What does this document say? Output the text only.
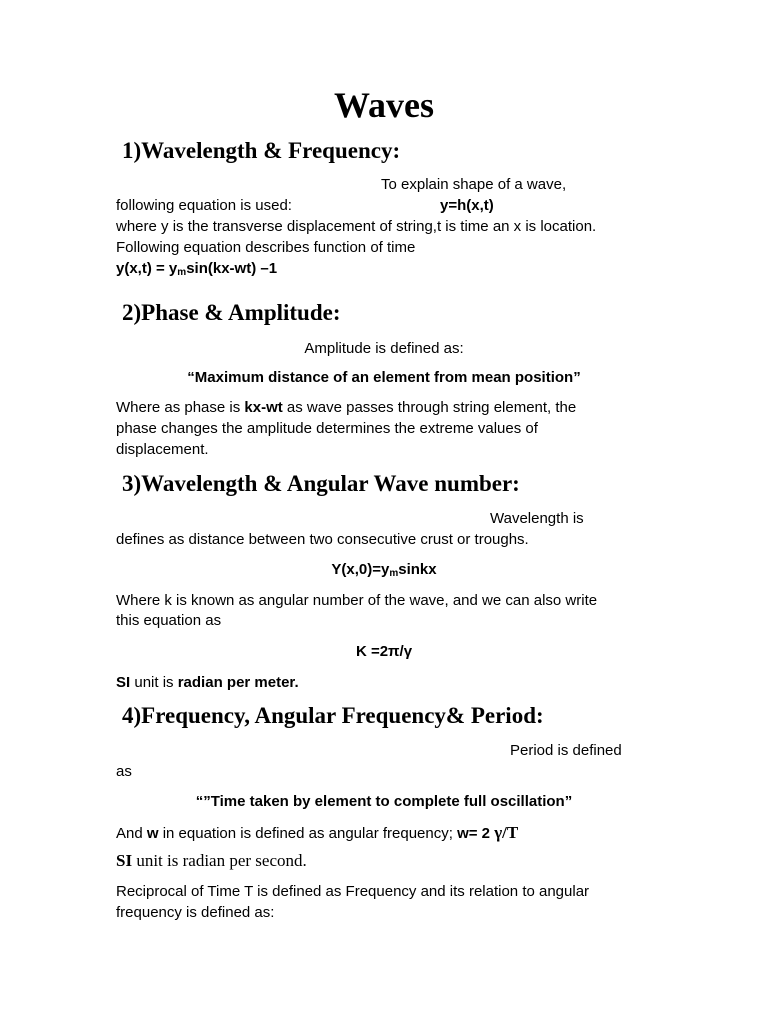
Waves
1)Wavelength & Frequency:
To explain shape of a wave,
following equation is used:	y=h(x,t)
where y is the transverse displacement of string,t is time an x is location.
Following equation describes function of time
$y(x,t) = y_m\sin(kx-wt)$ –1
2)Phase & Amplitude:
Amplitude is defined as:
“Maximum distance of an element from mean position”
Where as phase is kx-wt as wave passes through string element, the
phase changes the amplitude determines the extreme values of
displacement.
3)Wavelength & Angular Wave number:
Wavelength is
defines as distance between two consecutive crust or troughs.
$Y(x,0)=y_msinkx$
Where k is known as angular number of the wave, and we can also write
this equation as
K =2π/γ
SI unit is radian per meter.
4)Frequency, Angular Frequency& Period:
Period is defined
as
“”Time taken by element to complete full oscillation”
And w in equation is defined as angular frequency; w= 2 γ/T
SI unit is radian per second.
Reciprocal of Time T is defined as Frequency and its relation to angular
frequency is defined as:
